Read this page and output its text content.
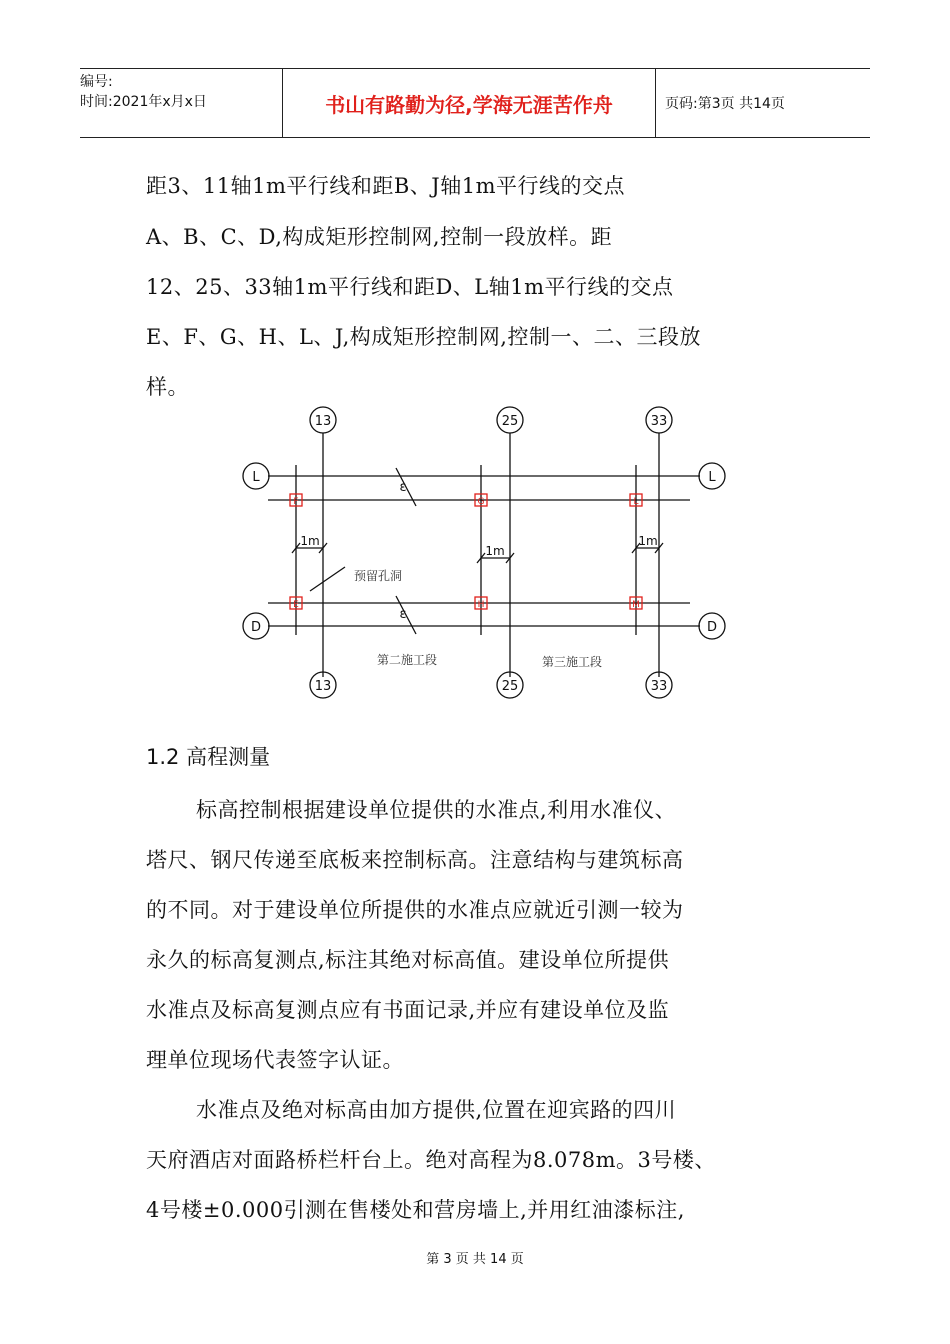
编号:
时间:2021年x月x日	书山有路勤为径,学海无涯苦作舟	页码:第3页 共14页
距3、11轴1m平行线和距B、J轴1m平行线的交点
A、B、C、D,构成矩形控制网,控制一段放样。距
12、25、33轴1m平行线和距D、L轴1m平行线的交点
E、F、G、H、L、J,构成矩形控制网,控制一、二、三段放
样。
13	25	33
13	25	33
L	L
D	D
F	G	L
E	H	M
1m
1m
1m
ε
ε
预留孔洞
第二施工段	第三施工段
1.2 高程测量
标高控制根据建设单位提供的水准点,利用水准仪、
塔尺、钢尺传递至底板来控制标高。注意结构与建筑标高
的不同。对于建设单位所提供的水准点应就近引测一较为
永久的标高复测点,标注其绝对标高值。建设单位所提供
水准点及标高复测点应有书面记录,并应有建设单位及监
理单位现场代表签字认证。
水准点及绝对标高由加方提供,位置在迎宾路的四川
天府酒店对面路桥栏杆台上。绝对高程为8.078m。3号楼、
4号楼±0.000引测在售楼处和营房墙上,并用红油漆标注,
第 3 页 共 14 页
